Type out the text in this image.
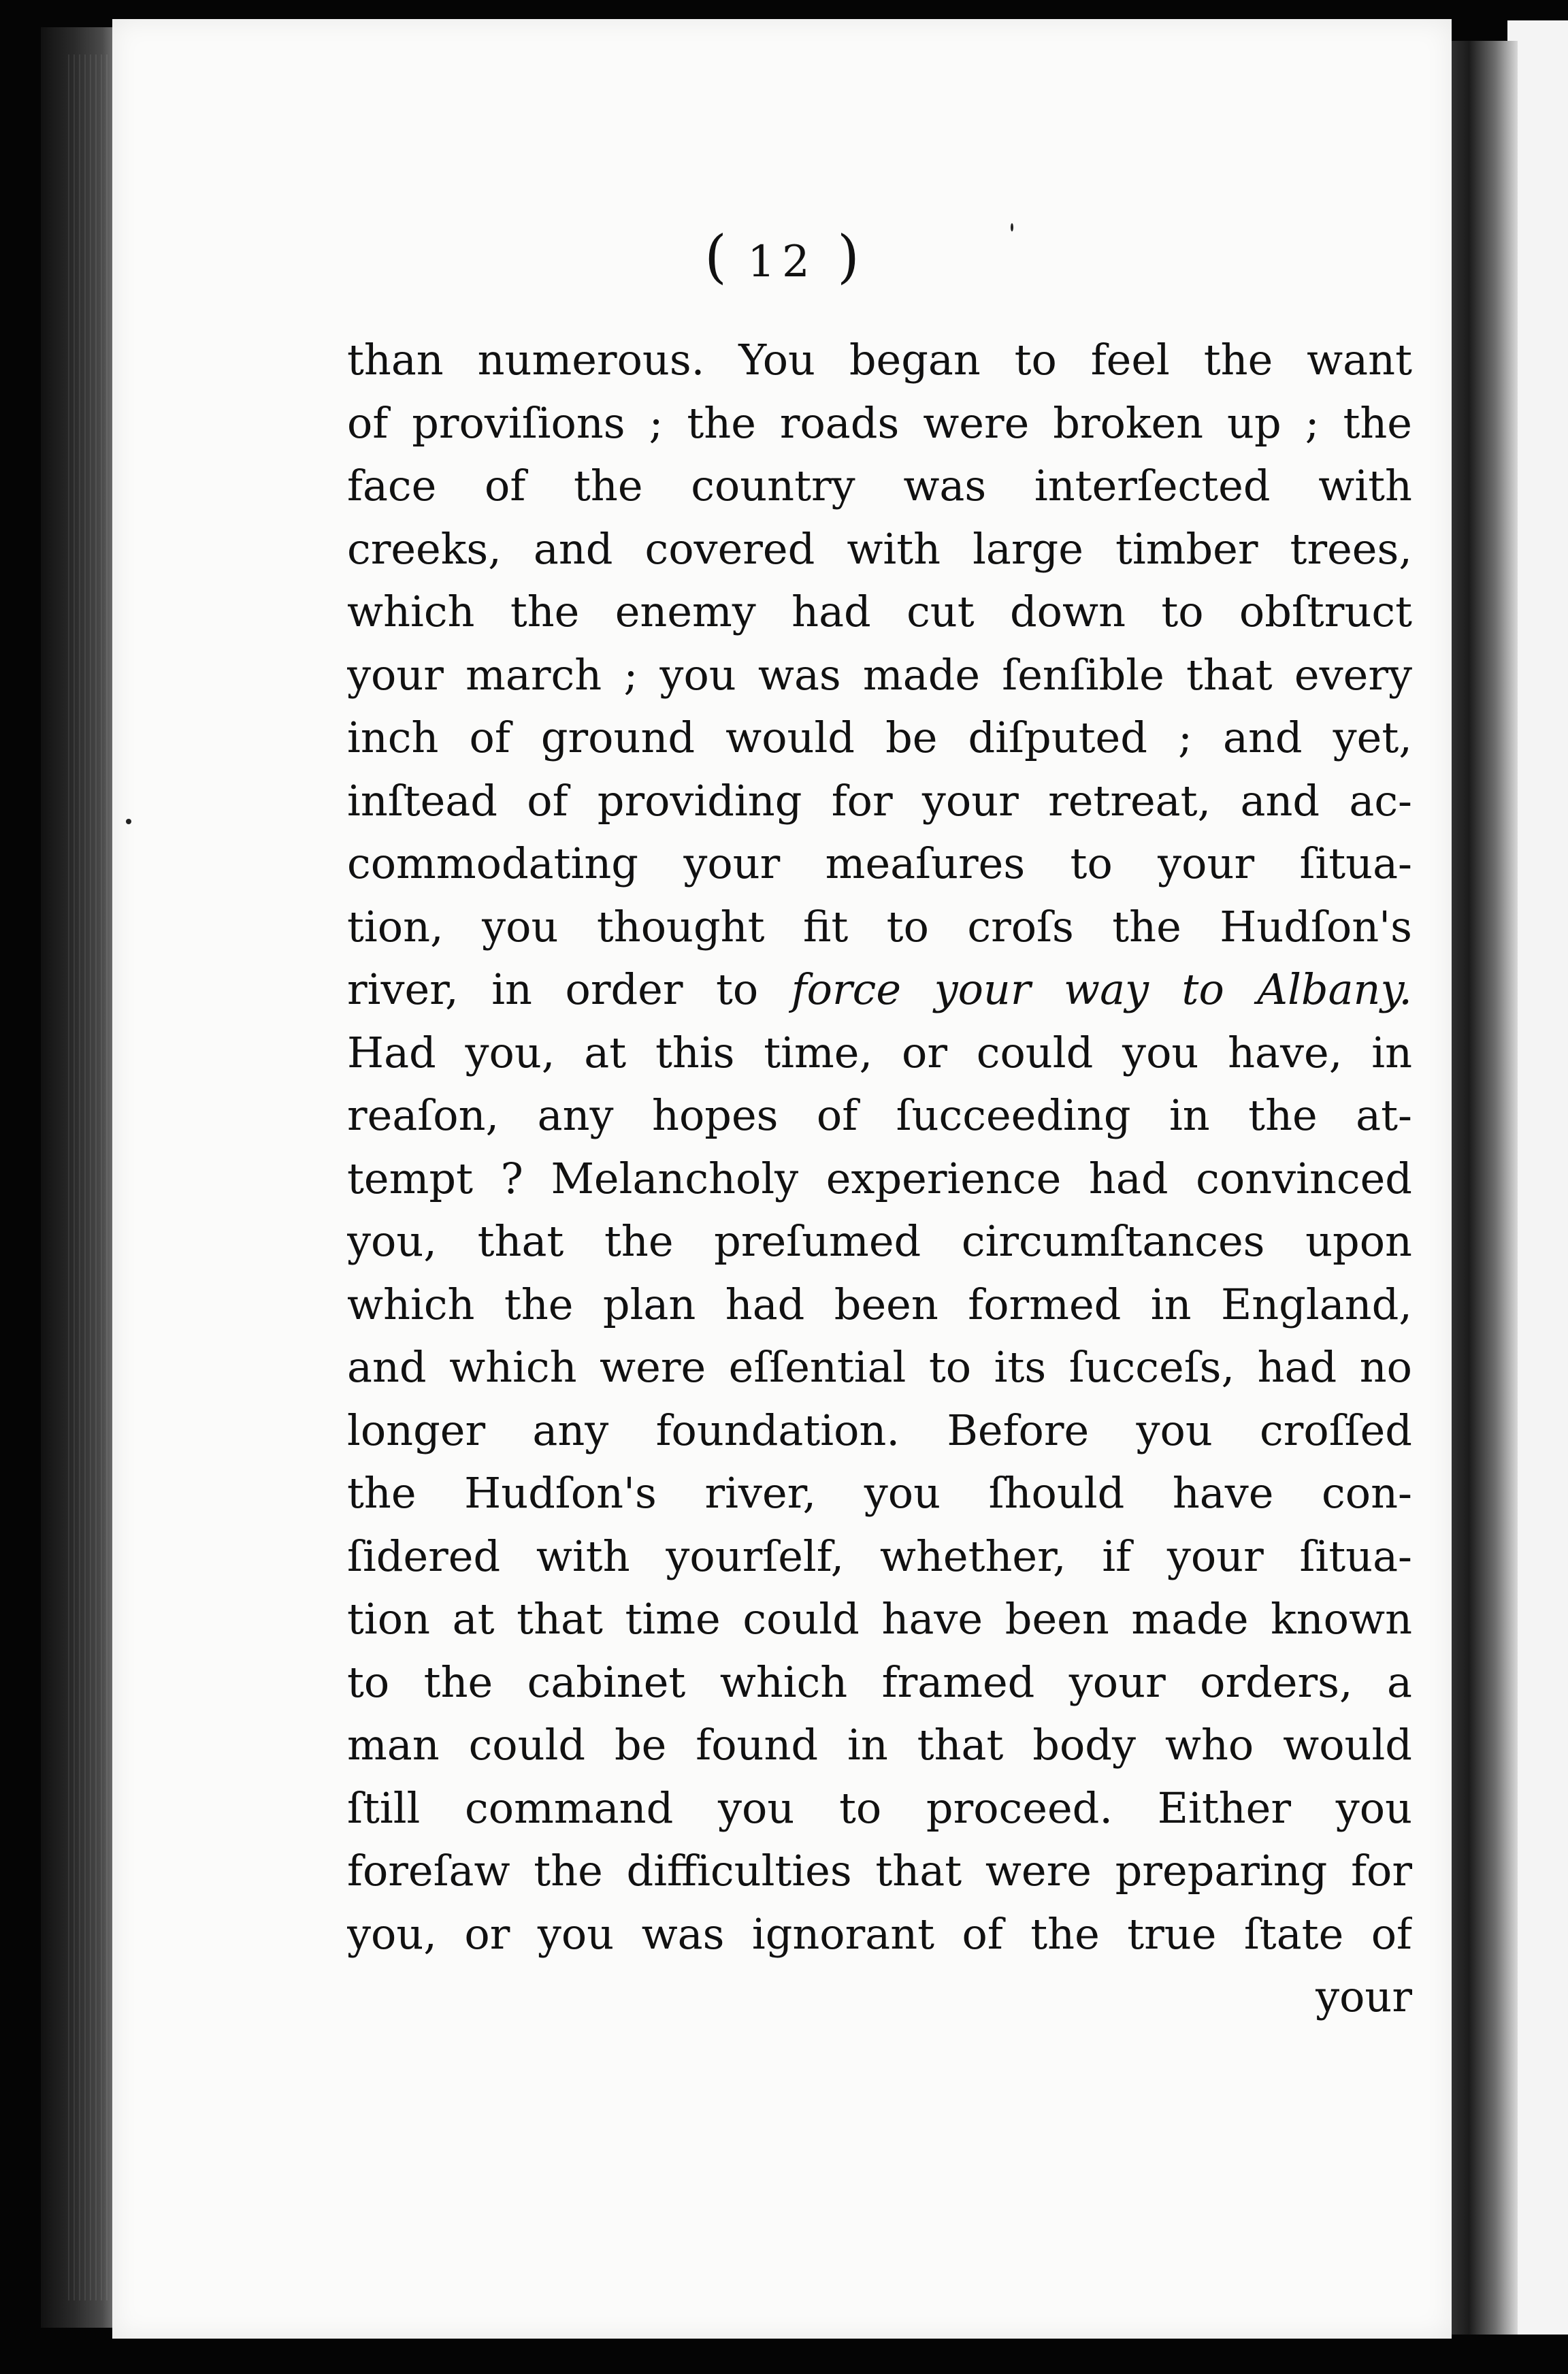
( 12 )
than numerous. You began to feel the want
of proviſions ; the roads were broken up ; the
face of the country was interſected with
creeks, and covered with large timber trees,
which the enemy had cut down to obſtruct
your march ; you was made ſenſible that every
inch of ground would be diſputed ; and yet,
inſtead of providing for your retreat, and ac-
commodating your meaſures to your ſitua-
tion, you thought fit to croſs the Hudſon's
river, in order to force your way to Albany.
Had you, at this time, or could you have, in
reaſon, any hopes of ſucceeding in the at-
tempt ? Melancholy experience had convinced
you, that the preſumed circumſtances upon
which the plan had been formed in England,
and which were eſſential to its ſucceſs, had no
longer any foundation. Before you croſſed
the Hudſon's river, you ſhould have con-
ſidered with yourſelf, whether, if your ſitua-
tion at that time could have been made known
to the cabinet which framed your orders, a
man could be found in that body who would
ſtill command you to proceed. Either you
foreſaw the difficulties that were preparing for
you, or you was ignorant of the true ſtate of
your
